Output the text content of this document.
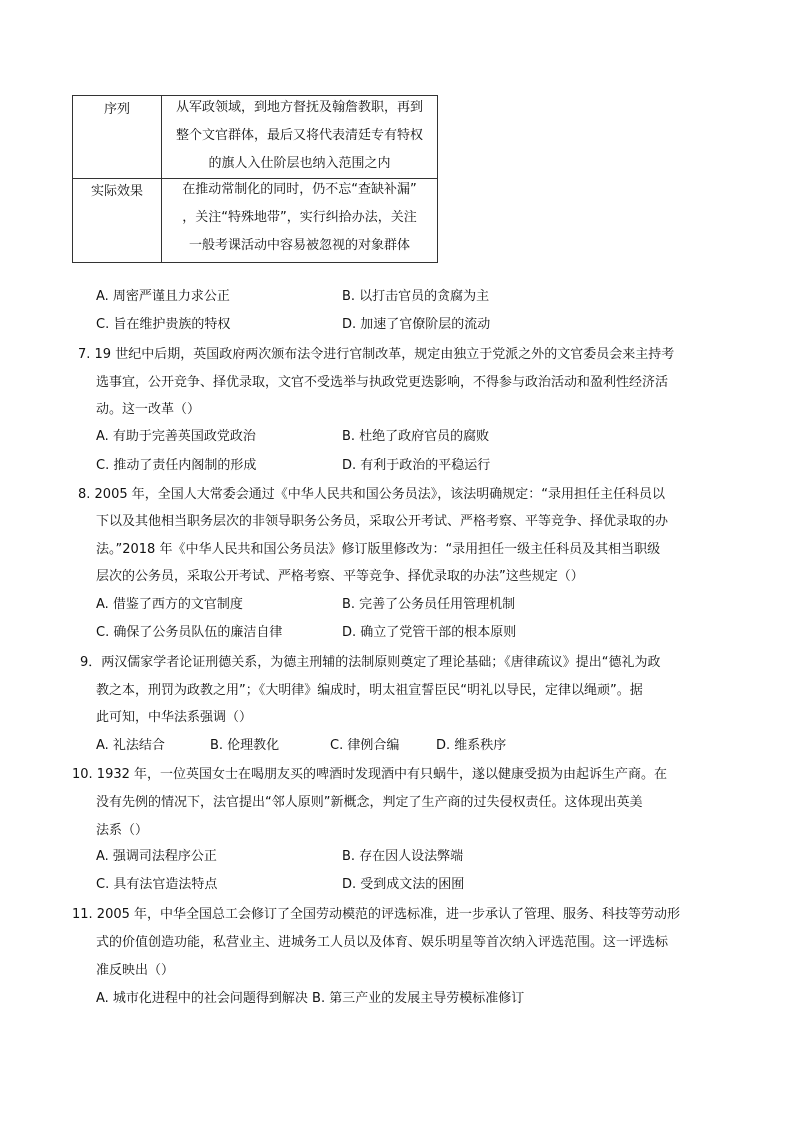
序列	从军政领域，到地方督抚及翰詹教职，再到
整个文官群体，最后又将代表清廷专有特权
的旗人入仕阶层也纳入范围之内
实际效果	在推动常制化的同时，仍不忘“查缺补漏”
，关注“特殊地带”，实行纠拾办法，关注
一般考课活动中容易被忽视的对象群体
A. 周密严谨且力求公正	B. 以打击官员的贪腐为主
C. 旨在维护贵族的特权	D. 加速了官僚阶层的流动
7. 19 世纪中后期，英国政府两次颁布法令进行官制改革，规定由独立于党派之外的文官委员会来主持考
选事宜，公开竞争、择优录取，文官不受选举与执政党更迭影响，不得参与政治活动和盈利性经济活
动。这一改革（）
A. 有助于完善英国政党政治	B. 杜绝了政府官员的腐败
C. 推动了责任内阁制的形成	D. 有利于政治的平稳运行
8. 2005 年，全国人大常委会通过《中华人民共和国公务员法》，该法明确规定：“录用担任主任科员以
下以及其他相当职务层次的非领导职务公务员，采取公开考试、严格考察、平等竞争、择优录取的办
法。”2018 年《中华人民共和国公务员法》修订版里修改为：“录用担任一级主任科员及其相当职级
层次的公务员，采取公开考试、严格考察、平等竞争、择优录取的办法”这些规定（）
A. 借鉴了西方的文官制度	B. 完善了公务员任用管理机制
C. 确保了公务员队伍的廉洁自律	D. 确立了党管干部的根本原则
9．两汉儒家学者论证刑德关系，为德主刑辅的法制原则奠定了理论基础；《唐律疏议》提出“德礼为政
教之本，刑罚为政教之用”；《大明律》编成时，明太祖宣誓臣民“明礼以导民，定律以绳顽”。据
此可知，中华法系强调（）
A. 礼法结合	B. 伦理教化	C. 律例合编	D. 维系秩序
10. 1932 年，一位英国女士在喝朋友买的啤酒时发现酒中有只蜗牛，遂以健康受损为由起诉生产商。在
没有先例的情况下，法官提出“邻人原则”新概念，判定了生产商的过失侵权责任。这体现出英美
法系（）
A. 强调司法程序公正	B. 存在因人设法弊端
C. 具有法官造法特点	D. 受到成文法的困囿
11. 2005 年，中华全国总工会修订了全国劳动模范的评选标准，进一步承认了管理、服务、科技等劳动形
式的价值创造功能，私营业主、进城务工人员以及体育、娱乐明星等首次纳入评选范围。这一评选标
准反映出（）
A. 城市化进程中的社会问题得到解决 B. 第三产业的发展主导劳模标准修订
